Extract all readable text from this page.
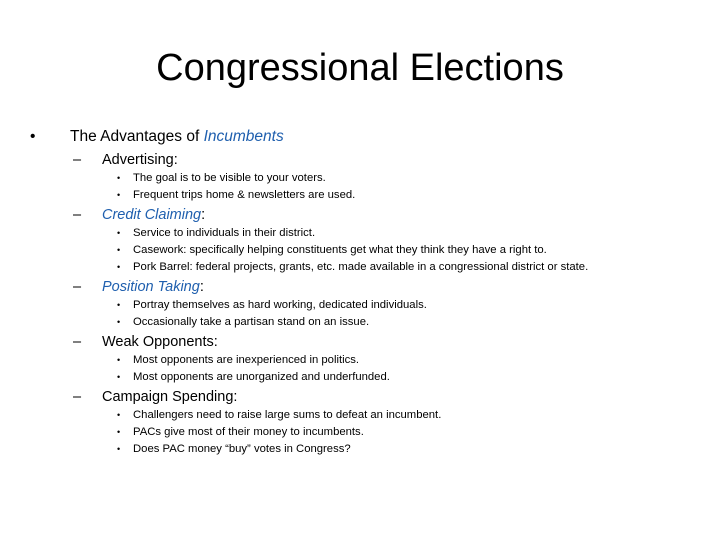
Congressional Elections
•	The Advantages of Incumbents
– Advertising:
• The goal is to be visible to your voters.
• Frequent trips home & newsletters are used.
– Credit Claiming:
• Service to individuals in their district.
• Casework: specifically helping constituents get what they think they have a right to.
• Pork Barrel: federal projects, grants, etc. made available in a congressional district or state.
– Position Taking:
• Portray themselves as hard working, dedicated individuals.
• Occasionally take a partisan stand on an issue.
– Weak Opponents:
• Most opponents are inexperienced in politics.
• Most opponents are unorganized and underfunded.
– Campaign Spending:
• Challengers need to raise large sums to defeat an incumbent.
• PACs give most of their money to incumbents.
• Does PAC money “buy” votes in Congress?
